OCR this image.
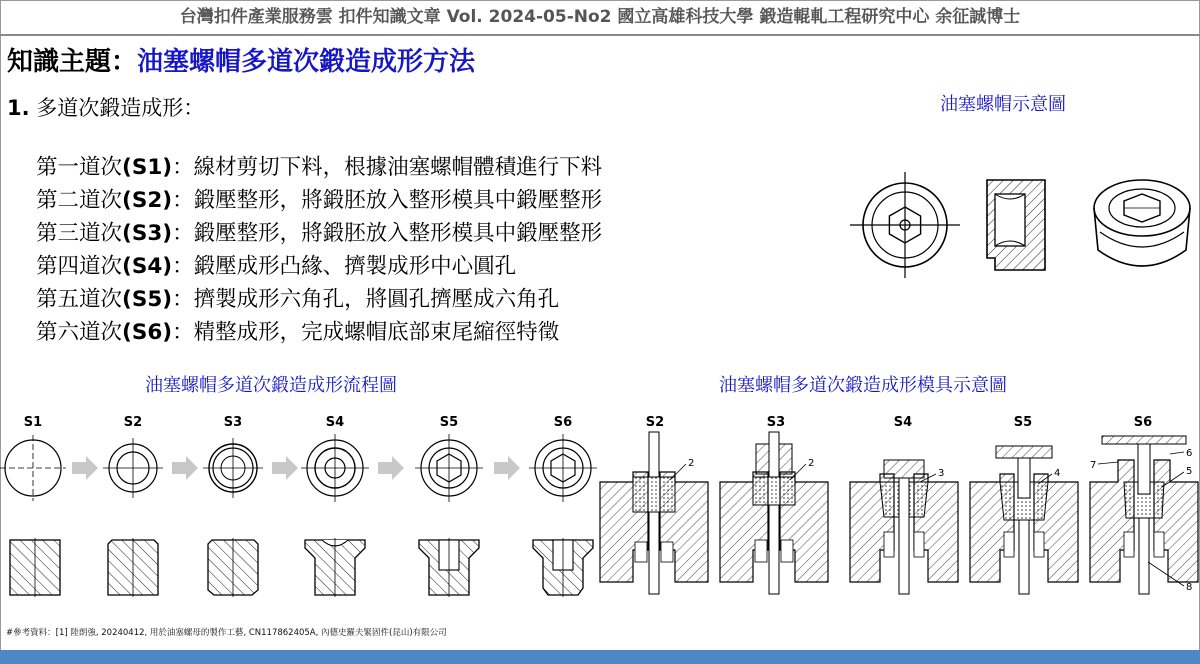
台灣扣件產業服務雲 扣件知識文章 Vol. 2024-05-No2 國立高雄科技大學 鍛造輥軋工程研究中心 余征誠博士
知識主題：油塞螺帽多道次鍛造成形方法
1. 多道次鍛造成形：
第一道次(S1)：線材剪切下料，根據油塞螺帽體積進行下料
第二道次(S2)：鍛壓整形，將鍛胚放入整形模具中鍛壓整形
第三道次(S3)：鍛壓整形，將鍛胚放入整形模具中鍛壓整形
第四道次(S4)：鍛壓成形凸緣、擠製成形中心圓孔
第五道次(S5)：擠製成形六角孔，將圓孔擠壓成六角孔
第六道次(S6)：精整成形，完成螺帽底部束尾縮徑特徵
油塞螺帽示意圖
油塞螺帽多道次鍛造成形流程圖	油塞螺帽多道次鍛造成形模具示意圖
S1	S2	S3	S4	S5	S6	S2	S3	S4	S5	S6
2	2
3	4
7
6
5
8
#參考資料：[1] 陸朗強, 20240412, 用於油塞螺母的製作工藝, CN117862405A, 內德史羅夫緊固件(昆山)有限公司
